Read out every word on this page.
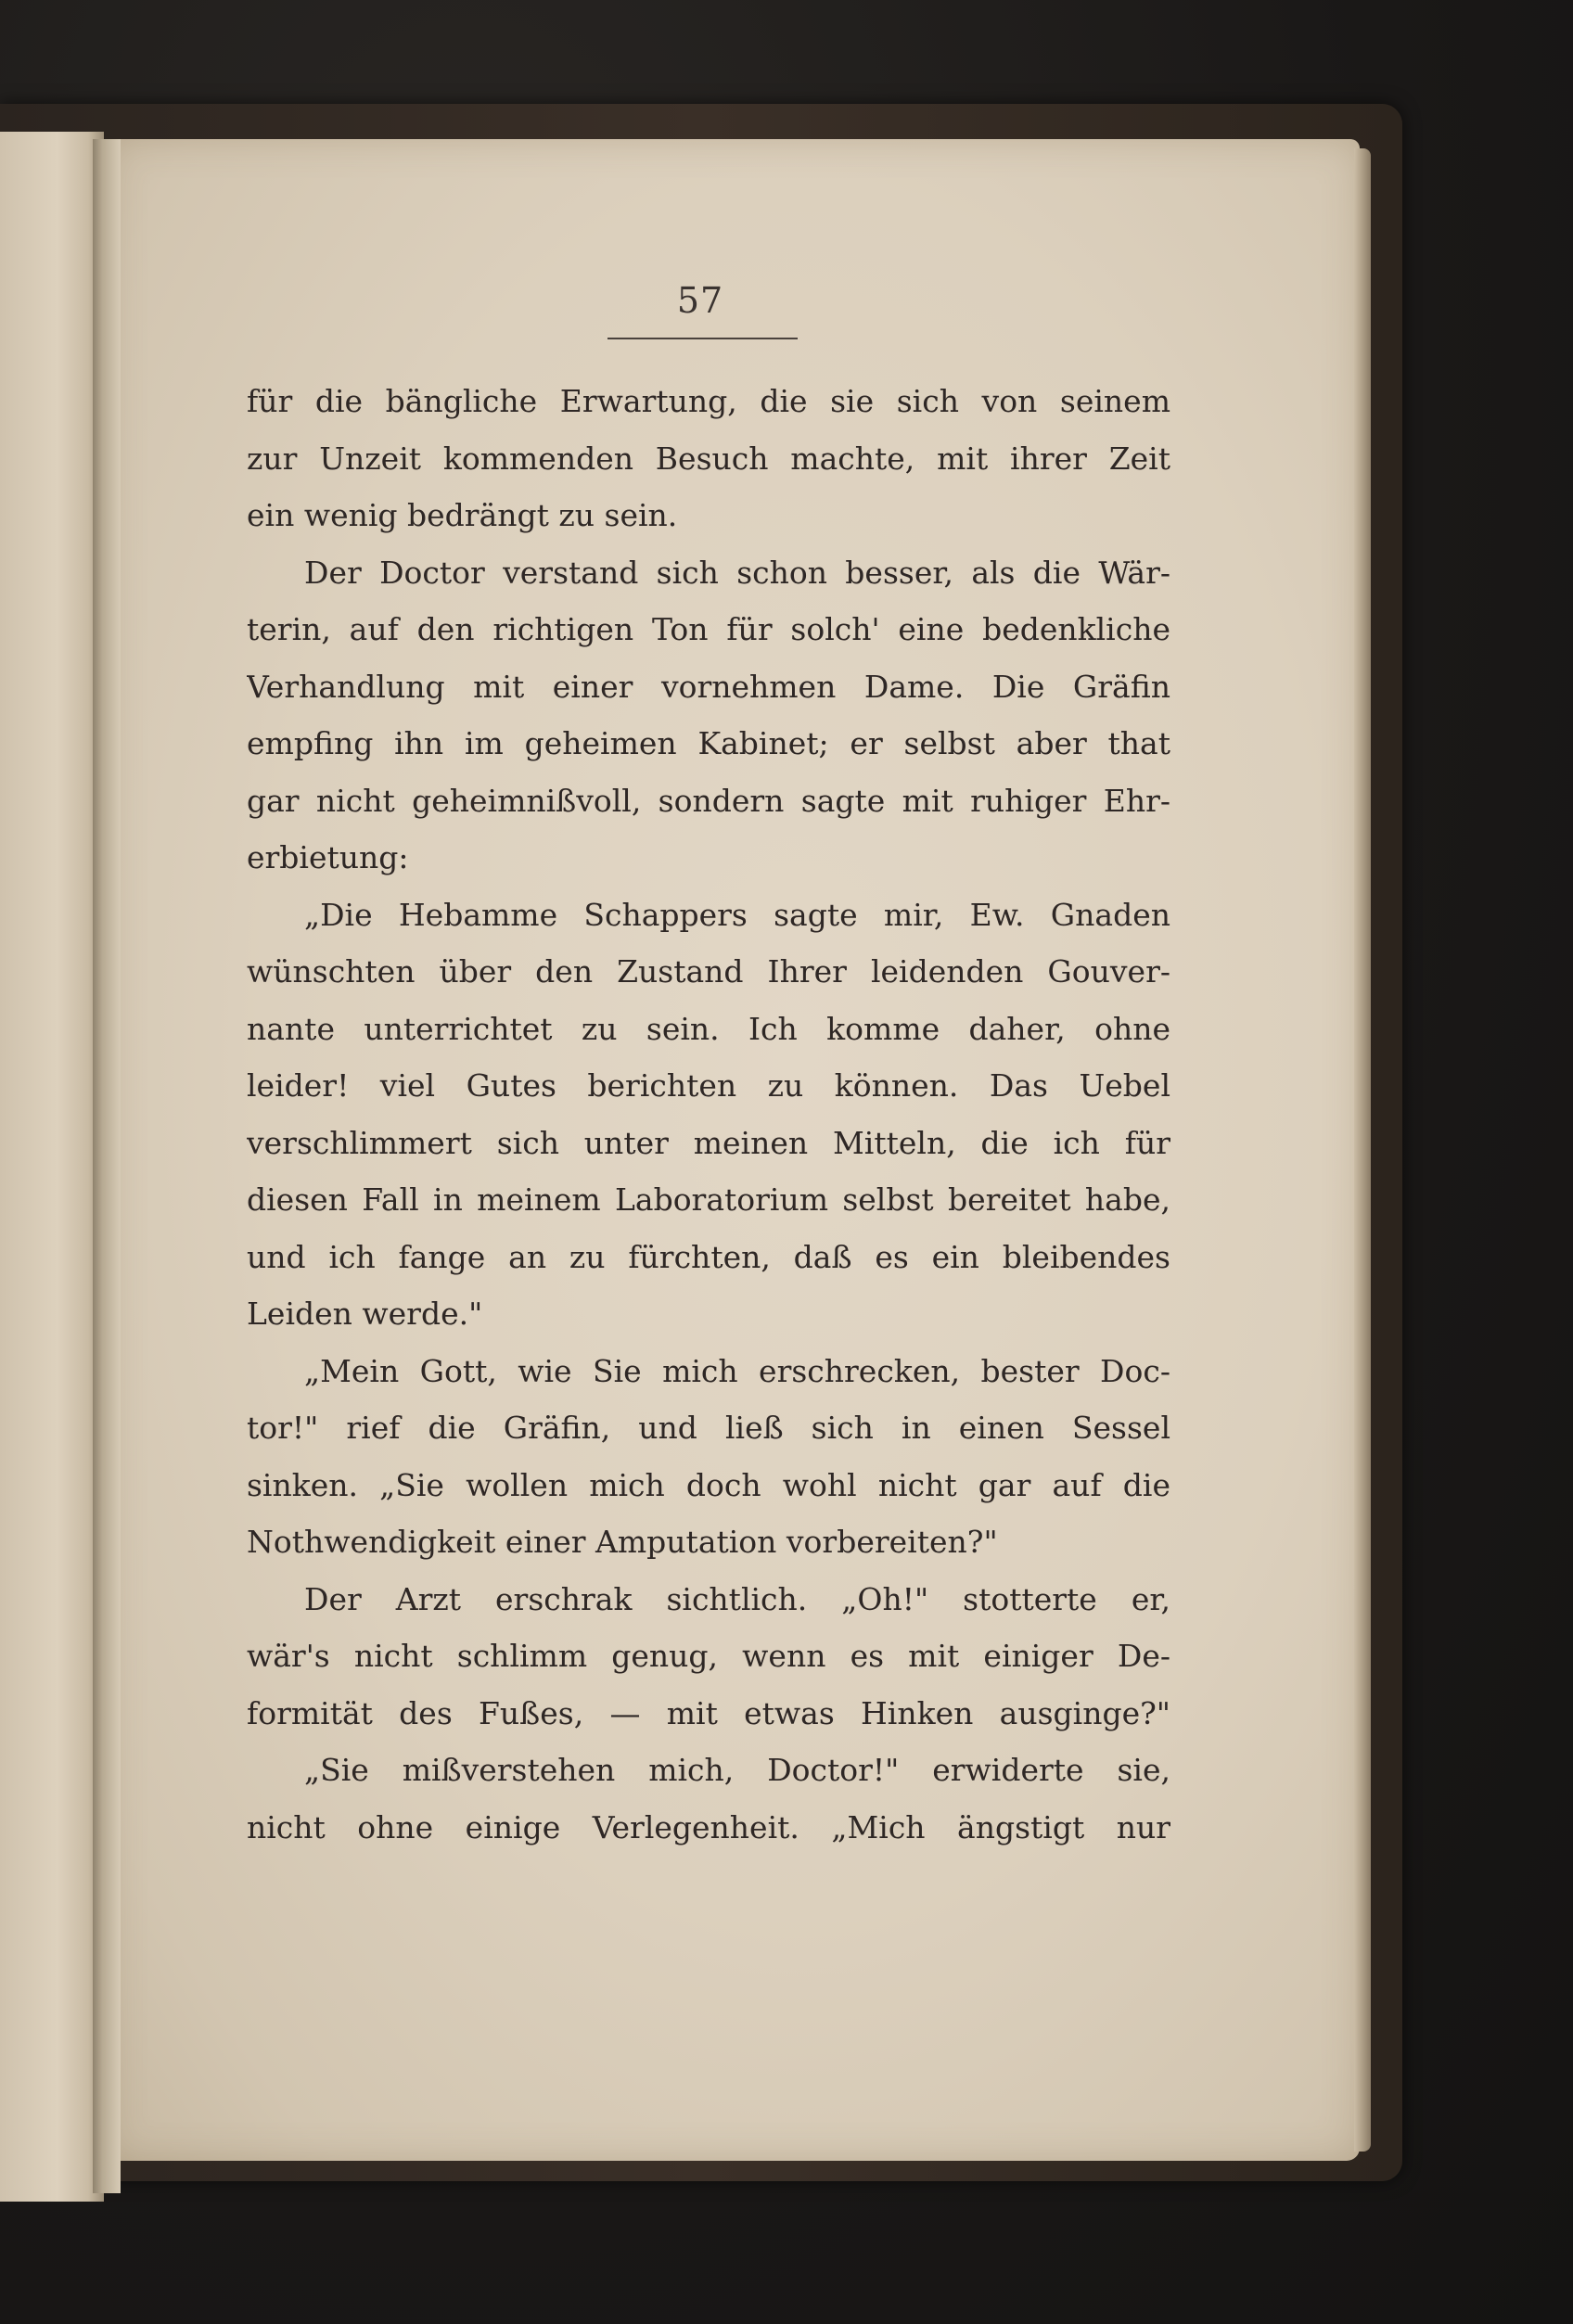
57
für die bängliche Erwartung, die sie sich von seinem
zur Unzeit kommenden Besuch machte, mit ihrer Zeit
ein wenig bedrängt zu sein.
Der Doctor verstand sich schon besser, als die Wär-
terin, auf den richtigen Ton für solch' eine bedenkliche
Verhandlung mit einer vornehmen Dame. Die Gräfin
empfing ihn im geheimen Kabinet; er selbst aber that
gar nicht geheimnißvoll, sondern sagte mit ruhiger Ehr-
erbietung:
„Die Hebamme Schappers sagte mir, Ew. Gnaden
wünschten über den Zustand Ihrer leidenden Gouver-
nante unterrichtet zu sein. Ich komme daher, ohne
leider! viel Gutes berichten zu können. Das Uebel
verschlimmert sich unter meinen Mitteln, die ich für
diesen Fall in meinem Laboratorium selbst bereitet habe,
und ich fange an zu fürchten, daß es ein bleibendes
Leiden werde."
„Mein Gott, wie Sie mich erschrecken, bester Doc-
tor!" rief die Gräfin, und ließ sich in einen Sessel
sinken. „Sie wollen mich doch wohl nicht gar auf die
Nothwendigkeit einer Amputation vorbereiten?"
Der Arzt erschrak sichtlich. „Oh!" stotterte er,
wär's nicht schlimm genug, wenn es mit einiger De-
formität des Fußes, — mit etwas Hinken ausginge?"
„Sie mißverstehen mich, Doctor!" erwiderte sie,
nicht ohne einige Verlegenheit. „Mich ängstigt nur
